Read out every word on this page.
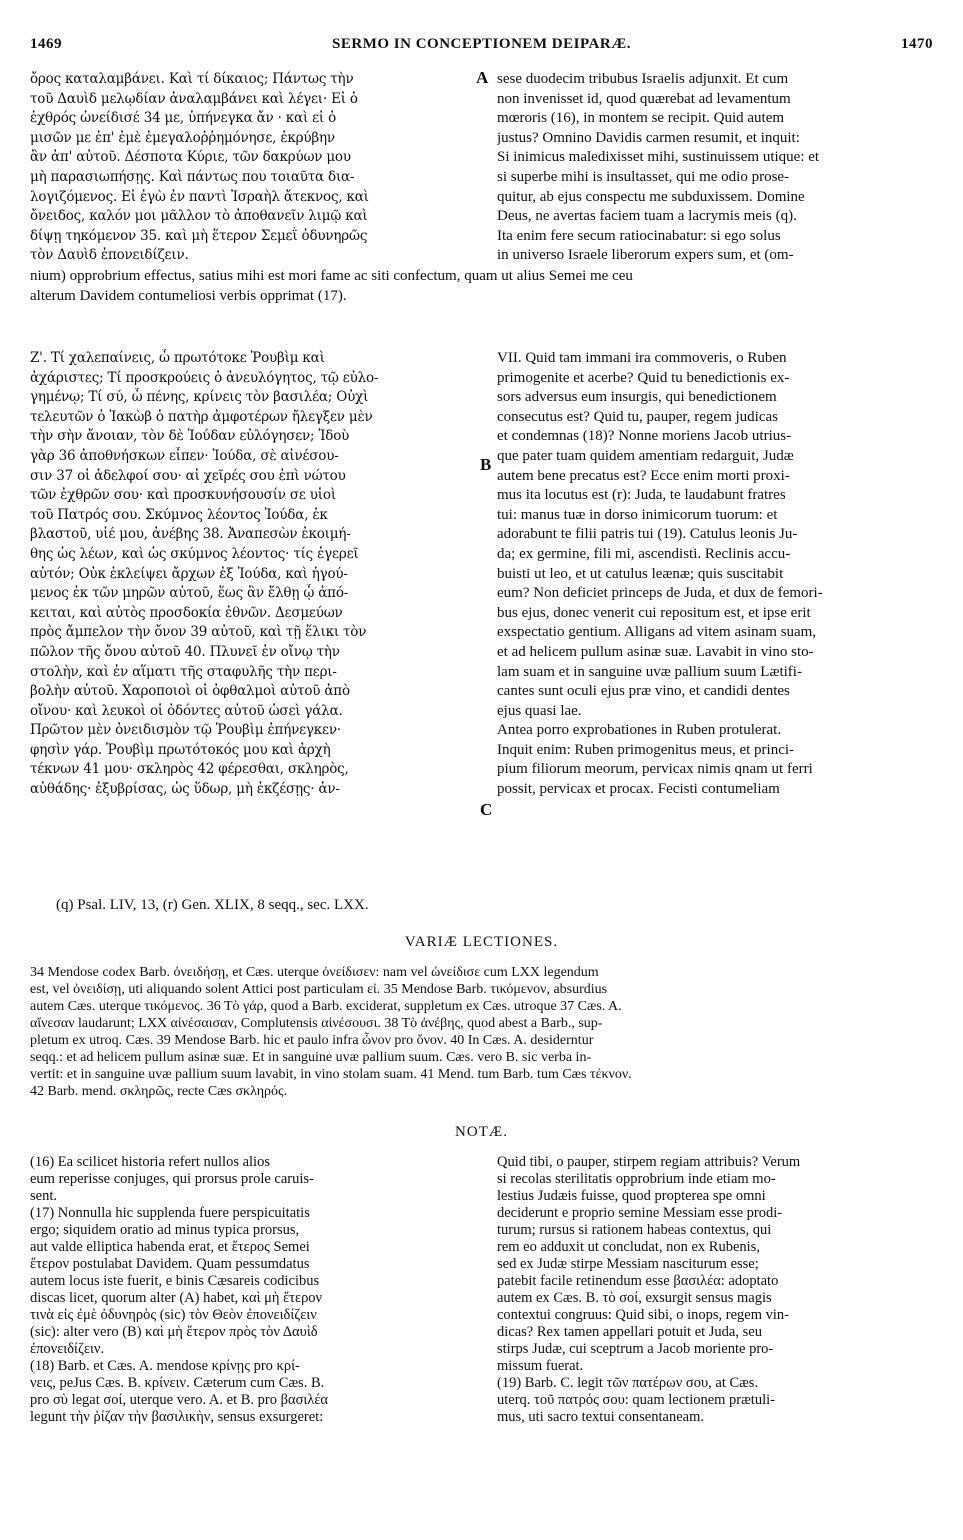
1469	SERMO IN CONCEPTIONEM DEIPARÆ.	1470
A
B
C
ὄρος καταλαμβάνει. Καὶ τί δίκαιος; Πάντως τὴν
τοῦ Δαυὶδ μελῳδίαν ἀναλαμβάνει καὶ λέγει· Εἰ ὁ
ἐχθρός ὠνείδισέ 34 με, ὑπήνεγκα ἄν · καὶ εἰ ὁ
μισῶν με ἐπ' ἐμὲ ἐμεγαλοῤῥημόνησε, ἐκρύβην
ἂν ἀπ' αὐτοῦ. Δέσποτα Κύριε, τῶν δακρύων μου
μὴ παρασιωπήσῃς. Καὶ πάντως που τοιαῦτα δια-
λογιζόμενος. Εἰ ἐγὼ ἐν παντὶ Ἰσραὴλ ἄτεκνος, καὶ
ὄνειδος, καλόν μοι μᾶλλον τὸ ἀποθανεῖν λιμῷ καὶ
δίψῃ τηκόμενον 35. καὶ μὴ ἕτερον Σεμεῒ ὀδυνηρῶς
τὸν Δαυὶδ ἐπονειδίζειν.
sese duodecim tribubus Israelis adjunxit. Et cum
non invenisset id, quod quærebat ad levamentum
mœroris (16), in montem se recipit. Quid autem
justus? Omnino Davidis carmen resumit, et inquit:
Si inimicus maledixisset mihi, sustinuissem utique: et
si superbe mihi is insultasset, qui me odio prose-
quitur, ab ejus conspectu me subduxissem. Domine
Deus, ne avertas faciem tuam a lacrymis meis (q).
Ita enim fere secum ratiocinabatur: si ego solus
in universo Israele liberorum expers sum, et (om-
nium) opprobrium effectus, satius mihi est mori fame ac siti confectum, quam ut alius Semei me ceu
alterum Davidem contumeliosi verbis opprimat (17).
Ζ'. Τί χαλεπαίνεις, ὦ πρωτότοκε Ῥουβὶμ καὶ
ἀχάριστες; Τί προσκρούεις ὁ ἀνευλόγητος, τῷ εὐλο-
γημένῳ; Τί σύ, ὦ πένης, κρίνεις τὸν βασιλέα; Οὐχὶ
τελευτῶν ὁ Ἰακὼβ ὁ πατὴρ ἀμφοτέρων ἤλεγξεν μὲν
τὴν σὴν ἄνοιαν, τὸν δὲ Ἰούδαν εὐλόγησεν; Ἰδοὺ
γὰρ 36 ἀποθνήσκων εἶπεν· Ἰούδα, σὲ αἰνέσου-
σιν 37 οἱ ἀδελφοί σου· αἱ χεῖρές σου ἐπὶ νώτου
τῶν ἐχθρῶν σου· καὶ προσκυνήσουσίν σε υἱοὶ
τοῦ Πατρός σου. Σκύμνος λέοντος Ἰούδα, ἐκ
βλαστοῦ, υἱέ μου, ἀνέβης 38. Ἀναπεσὼν ἐκοιμή-
θης ὡς λέων, καὶ ὡς σκύμνος λέοντος· τίς ἐγερεῖ
αὐτόν; Οὐκ ἐκλείψει ἄρχων ἐξ Ἰούδα, καὶ ἡγού-
μενος ἐκ τῶν μηρῶν αὐτοῦ, ἕως ἂν ἔλθῃ ᾧ ἀπό-
κειται, καὶ αὐτὸς προσδοκία ἐθνῶν. Δεσμεύων
πρὸς ἄμπελον τὴν ὄνον 39 αὐτοῦ, καὶ τῇ ἕλικι τὸν
πῶλον τῆς ὄνου αὐτοῦ 40. Πλυνεῖ ἐν οἴνῳ τὴν
στολὴν, καὶ ἐν αἵματι τῆς σταφυλῆς τὴν περι-
βολὴν αὐτοῦ. Χαροποιοὶ οἱ ὀφθαλμοὶ αὐτοῦ ἀπὸ
οἴνου· καὶ λευκοὶ οἱ ὀδόντες αὐτοῦ ὡσεὶ γάλα.
Πρῶτον μὲν ὀνειδισμὸν τῷ Ῥουβὶμ ἐπήνεγκεν·
φησὶν γάρ. Ῥουβὶμ πρωτότοκός μου καὶ ἀρχὴ
τέκνων 41 μου· σκληρὸς 42 φέρεσθαι, σκληρὸς,
αὐθάδης· ἐξυβρίσας, ὡς ὕδωρ, μὴ ἐκζέσῃς· ἀν-
VII. Quid tam immani ira commoveris, o Ruben
primogenite et acerbe? Quid tu benedictionis ex-
sors adversus eum insurgis, qui benedictionem
consecutus est? Quid tu, pauper, regem judicas
et condemnas (18)? Nonne moriens Jacob utrius-
que pater tuam quidem amentiam redarguit, Judæ
autem bene precatus est? Ecce enim morti proxi-
mus ita locutus est (r): Juda, te laudabunt fratres
tui: manus tuæ in dorso inimicorum tuorum: et
adorabunt te filii patris tui (19). Catulus leonis Ju-
da; ex germine, fili mi, ascendisti. Reclinis accu-
buisti ut leo, et ut catulus leænæ; quis suscitabit
eum? Non deficiet princeps de Juda, et dux de femori-
bus ejus, donec venerit cui repositum est, et ipse erit
exspectatio gentium. Alligans ad vitem asinam suam,
et ad helicem pullum asinæ suæ. Lavabit in vino sto-
lam suam et in sanguine uvæ pallium suum Lætifi-
cantes sunt oculi ejus præ vino, et candidi dentes
ejus quasi lae.
Antea porro exprobationes in Ruben protulerat.
Inquit enim: Ruben primogenitus meus, et princi-
pium filiorum meorum, pervicax nimis qnam ut ferri
possit, pervicax et procax. Fecisti contumeliam
(q) Psal. LIV, 13, (r) Gen. XLIX, 8 seqq., sec. LXX.
VARIÆ LECTIONES.
34 Mendose codex Barb. ὀνειδήσῃ, et Cæs. uterque ὀνείδισεν: nam vel ὠνείδισε cum LXX legendum
est, vel ὀνειδίσῃ, uti aliquando solent Attici post particulam εἰ. 35 Mendose Barb. τικόμενον, absurdius
autem Cæs. uterque τικόμενος. 36 Τὸ γάρ, quod a Barb. exciderat, suppletum ex Cæs. utroque 37 Cæs. A.
αἴνεσαν laudarunt; LXX αἰνέσαισαν, Complutensis αἰνέσουσι. 38 Τὸ ἀνέβης, quod abest a Barb., sup-
pletum ex utroq. Cæs. 39 Mendose Barb. hic et paulo infra ὦνον pro ὄνον. 40 In Cæs. A. desiderntur
seqq.: et ad helicem pullum asinæ suæ. Et in sanguine uvæ pallium suum. Cæs. vero B. sic verba in-
vertit: et in sanguine uvæ pallium suum lavabit, in vino stolam suam. 41 Mend. tum Barb. tum Cæs τέκνον.
42 Barb. mend. σκληρῶς, recte Cæs σκληρός.
NOTÆ.
(16) Ea scilicet historia refert nullos alios
eum reperisse conjuges, qui prorsus prole caruis-
sent.
(17) Nonnulla hic supplenda fuere perspicuitatis
ergo; siquidem oratio ad minus typica prorsus,
aut valde elliptica habenda erat, et ἕτερος Semei
ἕτερον postulabat Davidem. Quam pessumdatus
autem locus iste fuerit, e binis Cæsareis codicibus
discas licet, quorum alter (A) habet, καὶ μὴ ἕτερον
τινὰ εἰς ἐμὲ ὀδυνηρὸς (sic) τὸν Θεὸν ἐπονειδίζειν
(sic): alter vero (B) καὶ μὴ ἕτερον πρὸς τὸν Δαυὶδ
ἐπονειδίζειν.
(18) Barb. et Cæs. A. mendose κρίνῃς pro κρί-
νεις, peJus Cæs. B. κρίνειν. Cæterum cum Cæs. B.
pro σὺ legat σοί, uterque vero. A. et B. pro βασιλέα
legunt τὴν ῥίζαν τὴν βασιλικὴν, sensus exsurgeret:
Quid tibi, o pauper, stirpem regiam attribuis? Verum
si recolas sterilitatis opprobrium inde etiam mo-
lestius Judæis fuisse, quod propterea spe omni
deciderunt e proprio semine Messiam esse prodi-
turum; rursus si rationem habeas contextus, qui
rem eo adduxit ut concludat, non ex Rubenis,
sed ex Judæ stirpe Messiam nasciturum esse;
patebit facile retinendum esse βασιλέα: adoptato
autem ex Cæs. B. τὸ σοί, exsurgit sensus magis
contextui congruus: Quid sibi, o inops, regem vin-
dicas? Rex tamen appellari potuit et Juda, seu
stirps Judæ, cui sceptrum a Jacob moriente pro-
missum fuerat.
(19) Barb. C. legit τῶν πατέρων σου, at Cæs.
uterq. τοῦ πατρός σου: quam lectionem prætuli-
mus, uti sacro textui consentaneam.
